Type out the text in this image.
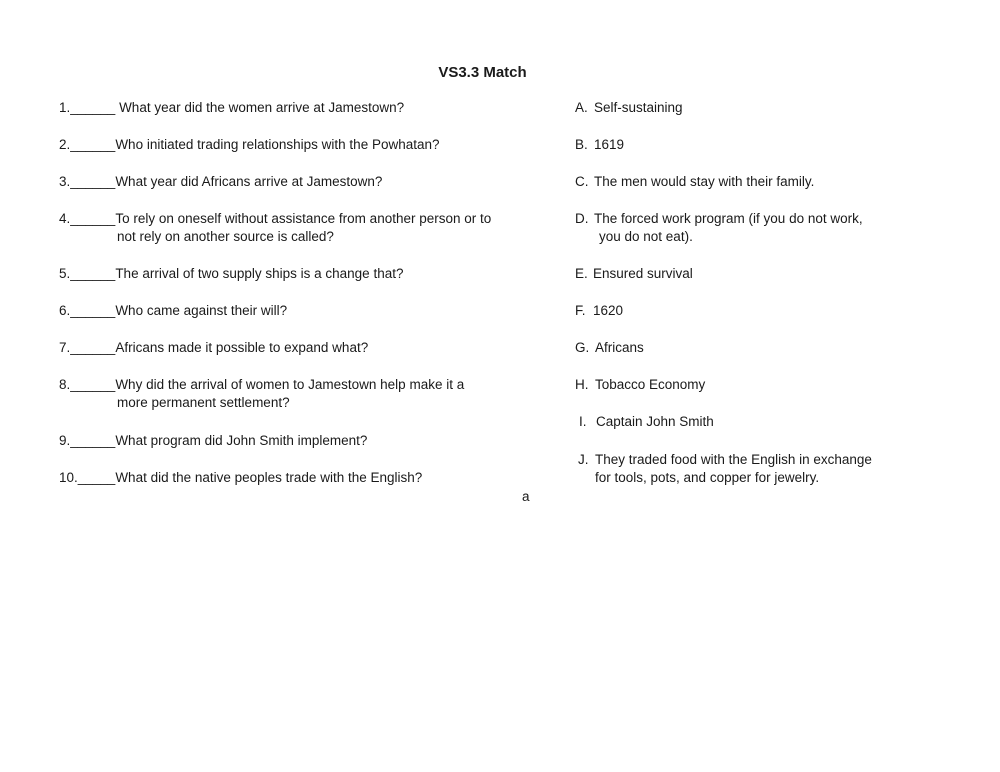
VS3.3 Match
1.______ What year did the women arrive at Jamestown?
2.______Who initiated trading relationships with the Powhatan?
3.______What year did Africans arrive at Jamestown?
4.______To rely on oneself without assistance from another person or to
not rely on another source is called?
5.______The arrival of two supply ships is a change that?
6.______Who came against their will?
7.______Africans made it possible to expand what?
8.______Why did the arrival of women to Jamestown help make it a
more permanent settlement?
9.______What program did John Smith implement?
10._____What did the native peoples trade with the English?
A. Self-sustaining
B. 1619
C. The men would stay with their family.
D. The forced work program (if you do not work,
you do not eat).
E. Ensured survival
F. 1620
G. Africans
H. Tobacco Economy
I. Captain John Smith
J. They traded food with the English in exchange
for tools, pots, and copper for jewelry.
a
